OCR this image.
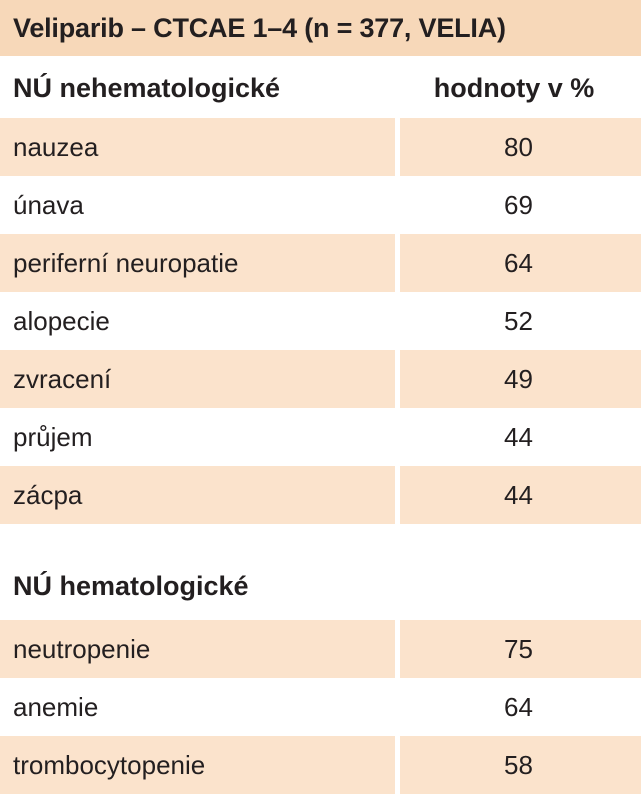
Veliparib – CTCAE 1–4 (n = 377, VELIA)
NÚ nehematologické	hodnoty v %
nauzea	80
únava	69
periferní neuropatie	64
alopecie	52
zvracení	49
průjem	44
zácpa	44
NÚ hematologické
neutropenie	75
anemie	64
trombocytopenie	58
